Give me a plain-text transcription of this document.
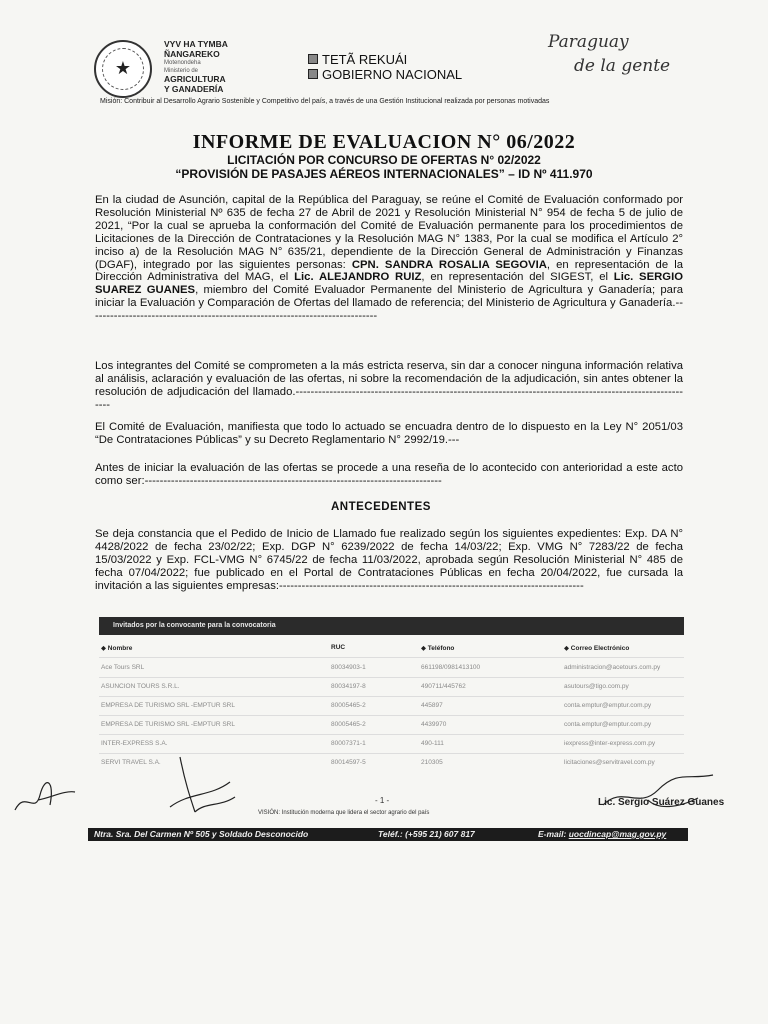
★
VYV HA TYMBA
ÑANGAREKO
Motenondeha
Ministerio de
AGRICULTURA
Y GANADERÍA
TETÃ REKUÁI
GOBIERNO NACIONAL
Paraguay
de la gente
Misión: Contribuir al Desarrollo Agrario Sostenible y Competitivo del país, a través de una Gestión Institucional realizada por personas motivadas
INFORME DE EVALUACION N° 06/2022
LICITACIÓN POR CONCURSO DE OFERTAS N° 02/2022
“PROVISIÓN DE PASAJES AÉREOS INTERNACIONALES” – ID Nº 411.970
En la ciudad de Asunción, capital de la República del Paraguay, se reúne el Comité de Evaluación conformado por Resolución Ministerial Nº 635 de fecha 27 de Abril de 2021 y Resolución Ministerial N° 954 de fecha 5 de julio de 2021, “Por la cual se aprueba la conformación del Comité de Evaluación permanente para los procedimientos de Licitaciones de la Dirección de Contrataciones y la Resolución MAG N° 1383, Por la cual se modifica el Artículo 2° inciso a) de la Resolución MAG N° 635/21, dependiente de la Dirección General de Administración y Finanzas (DGAF), integrado por las siguientes personas: CPN. SANDRA ROSALIA SEGOVIA, en representación de la Dirección Administrativa del MAG, el Lic. ALEJANDRO RUIZ, en representación del SIGEST, el Lic. SERGIO SUAREZ GUANES, miembro del Comité Evaluador Permanente del Ministerio de Agricultura y Ganadería; para iniciar la Evaluación y Comparación de Ofertas del llamado de referencia; del Ministerio de Agricultura y Ganadería.-----------------------------------------------------------------------------
Los integrantes del Comité se comprometen a la más estricta reserva, sin dar a conocer ninguna información relativa al análisis, aclaración y evaluación de las ofertas, ni sobre la recomendación de la adjudicación, sin antes obtener la resolución de adjudicación del llamado.-----------------------------------------------------------------------------------------------------------
El Comité de Evaluación, manifiesta que todo lo actuado se encuadra dentro de lo dispuesto en la Ley N° 2051/03 “De Contrataciones Públicas” y su Decreto Reglamentario N° 2992/19.---
Antes de iniciar la evaluación de las ofertas se procede a una reseña de lo acontecido con anterioridad a este acto como ser:-------------------------------------------------------------------------------
ANTECEDENTES
Se deja constancia que el Pedido de Inicio de Llamado fue realizado según los siguientes expedientes: Exp. DA N° 4428/2022 de fecha 23/02/22; Exp. DGP N° 6239/2022 de fecha 14/03/22; Exp. VMG N° 7283/22 de fecha 15/03/2022 y Exp. FCL-VMG N° 6745/22 de fecha 11/03/2022, aprobada según Resolución Ministerial N° 485 de fecha 07/04/2022; fue publicado en el Portal de Contrataciones Públicas en fecha 20/04/2022, fue cursada la invitación a las siguientes empresas:---------------------------------------------------------------------------------
Invitados por la convocante para la convocatoria
◆ Nombre	RUC	◆ Teléfono	◆ Correo Electrónico
Ace Tours SRL	80034903-1	661198/0981413100	administracion@acetours.com.py
ASUNCION TOURS S.R.L.	80034197-8	490711/445762	asutours@tigo.com.py
EMPRESA DE TURISMO SRL -EMPTUR SRL	80005465-2	445897	conta.emptur@emptur.com.py
EMPRESA DE TURISMO SRL -EMPTUR SRL	80005465-2	4439970	conta.emptur@emptur.com.py
INTER-EXPRESS S.A.	80007371-1	490-111	iexpress@inter-express.com.py
SERVI TRAVEL S.A.	80014597-5	210305	licitaciones@servitravel.com.py
- 1 -	Lic. Sergio Suárez Guanes
VISIÓN: Institución moderna que lidera el sector agrario del país
Ntra. Sra. Del Carmen Nº 505 y Soldado Desconocido	Teléf.: (+595 21) 607 817	E-mail: uocdincap@mag.gov.py
